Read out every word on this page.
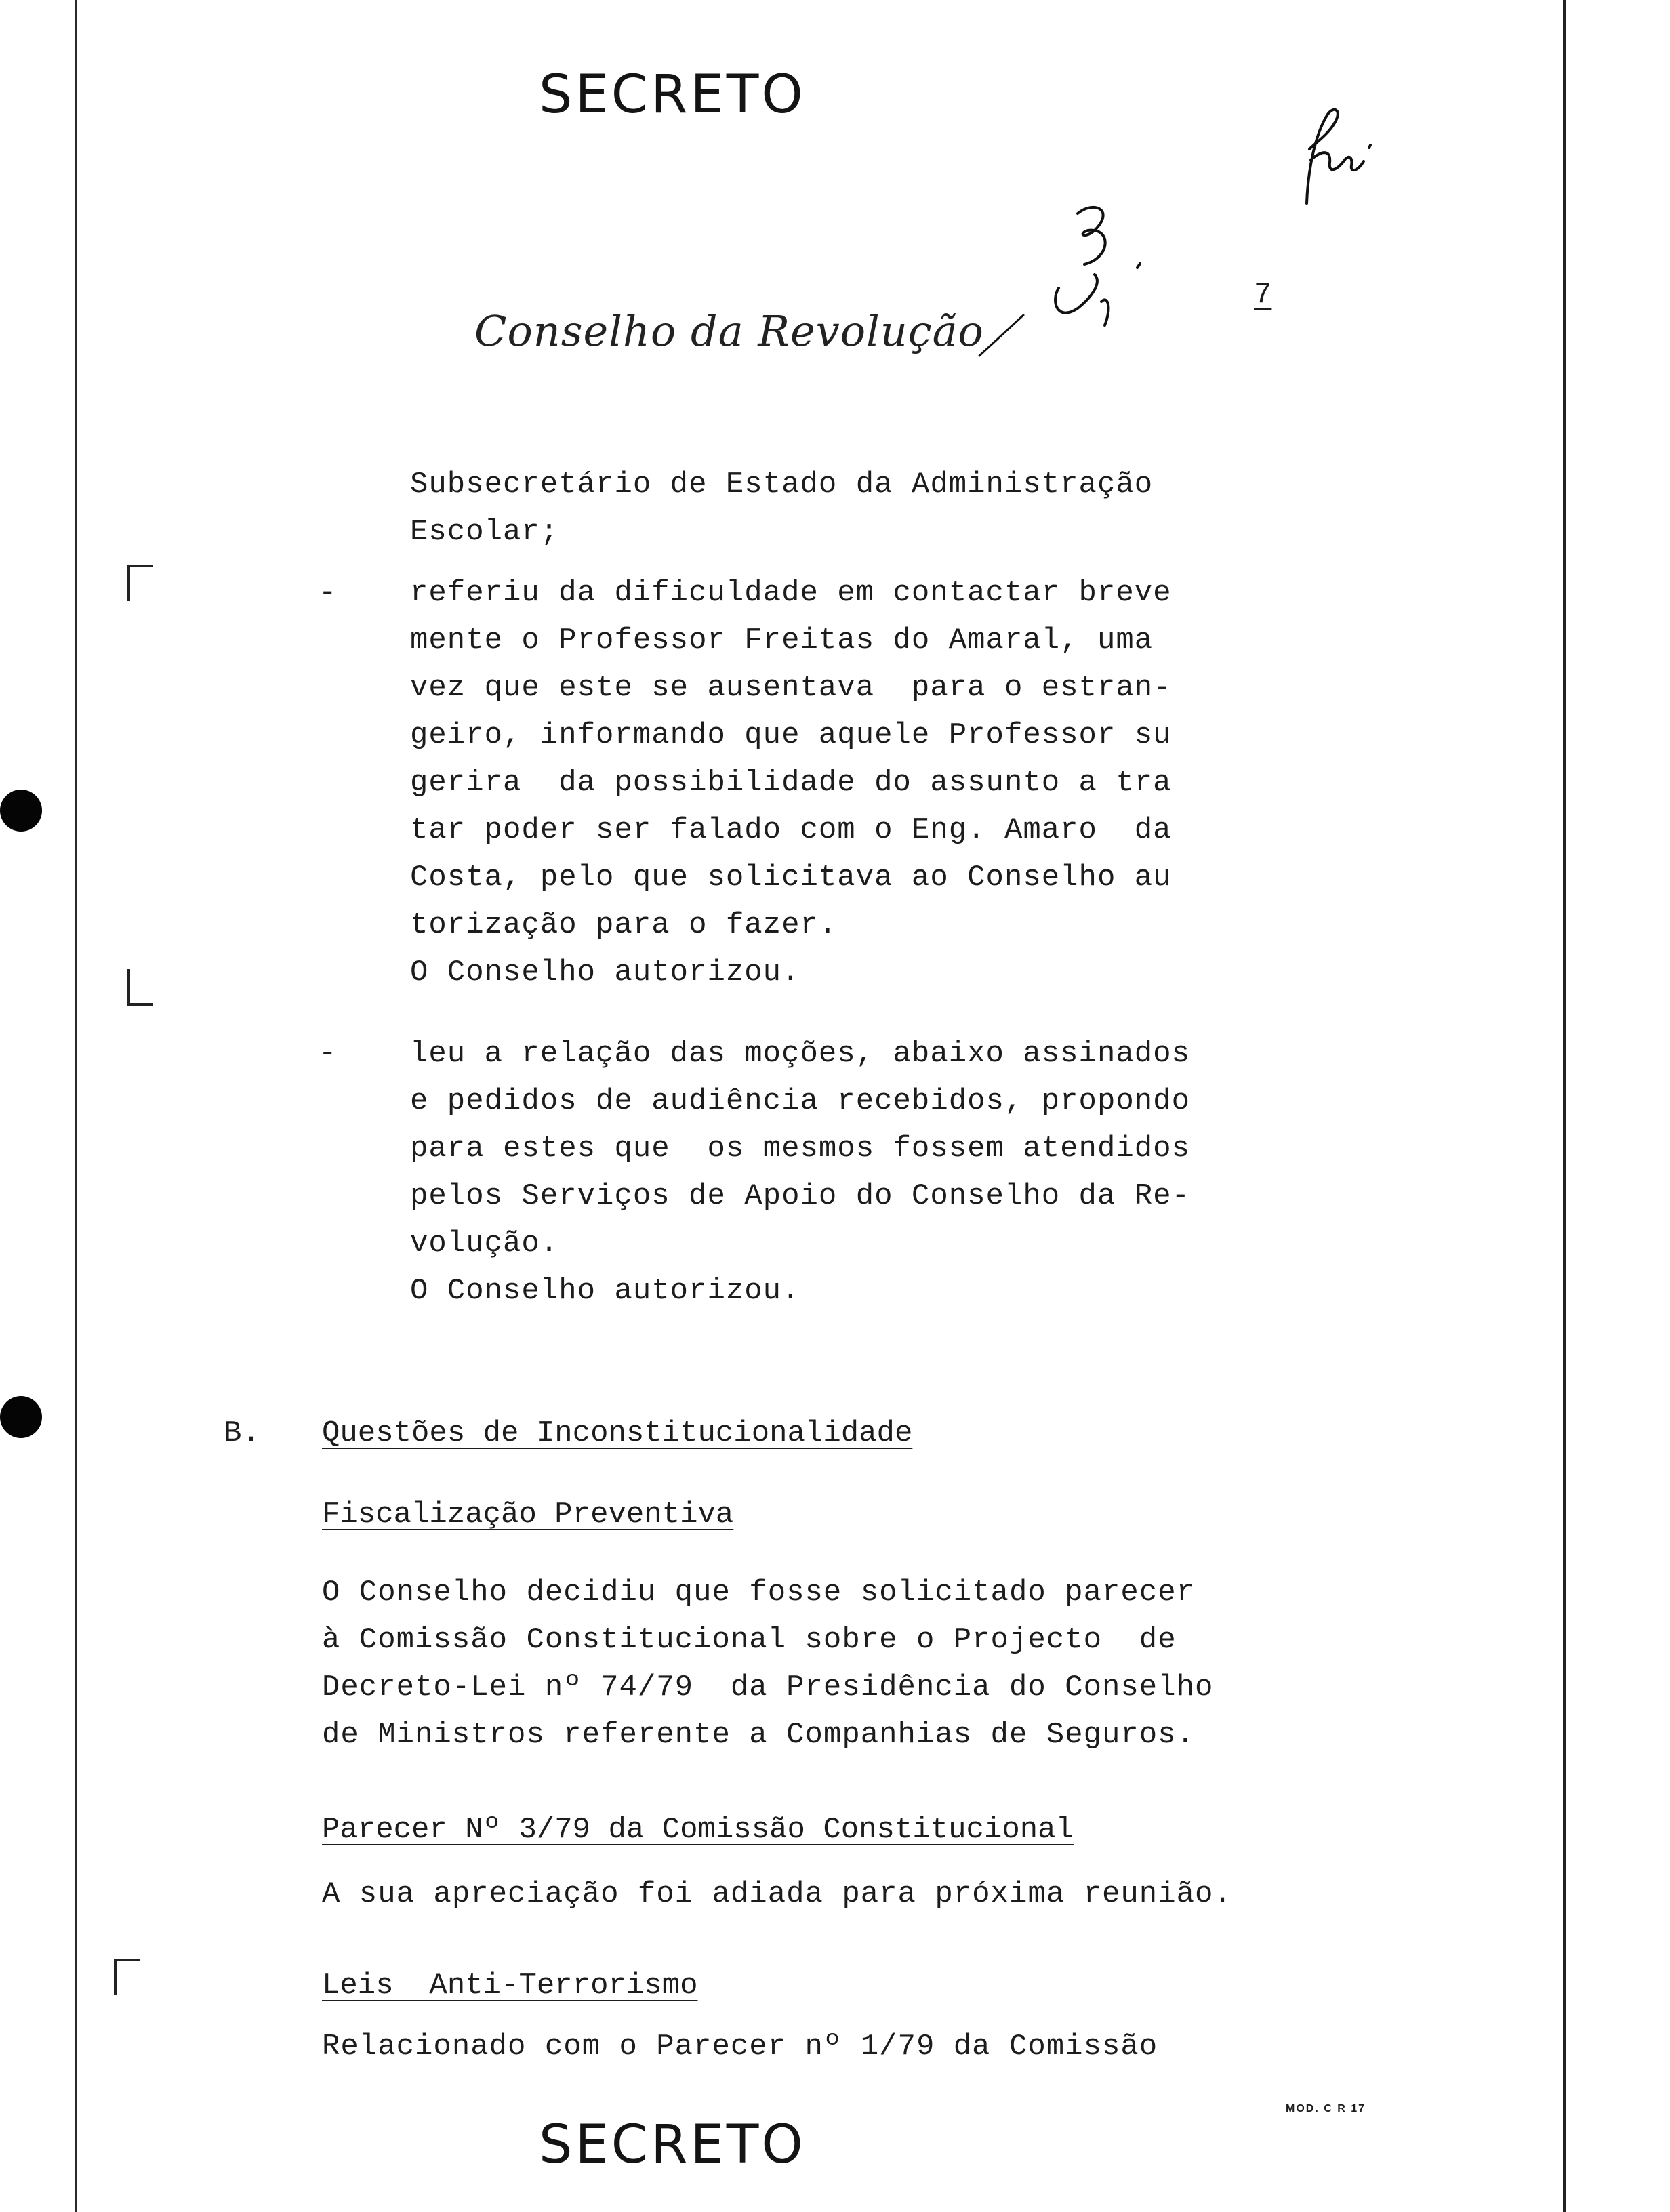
SECRETO
Conselho da Revolução
7
Subsecretário de Estado da Administração
Escolar;
- referiu da dificuldade em contactar breve
mente o Professor Freitas do Amaral, uma
vez que este se ausentava  para o estran-
geiro, informando que aquele Professor su
gerira  da possibilidade do assunto a tra
tar poder ser falado com o Eng. Amaro  da
Costa, pelo que solicitava ao Conselho au
torização para o fazer.
O Conselho autorizou.
- leu a relação das moções, abaixo assinados
e pedidos de audiência recebidos, propondo
para estes que  os mesmos fossem atendidos
pelos Serviços de Apoio do Conselho da Re-
volução.
O Conselho autorizou.
B. Questões de Inconstitucionalidade
Fiscalização Preventiva
O Conselho decidiu que fosse solicitado parecer
à Comissão Constitucional sobre o Projecto  de
Decreto-Lei nº 74/79  da Presidência do Conselho
de Ministros referente a Companhias de Seguros.
Parecer Nº 3/79 da Comissão Constitucional
A sua apreciação foi adiada para próxima reunião.
Leis  Anti-Terrorismo
Relacionado com o Parecer nº 1/79 da Comissão
MOD. C R 17
SECRETO
